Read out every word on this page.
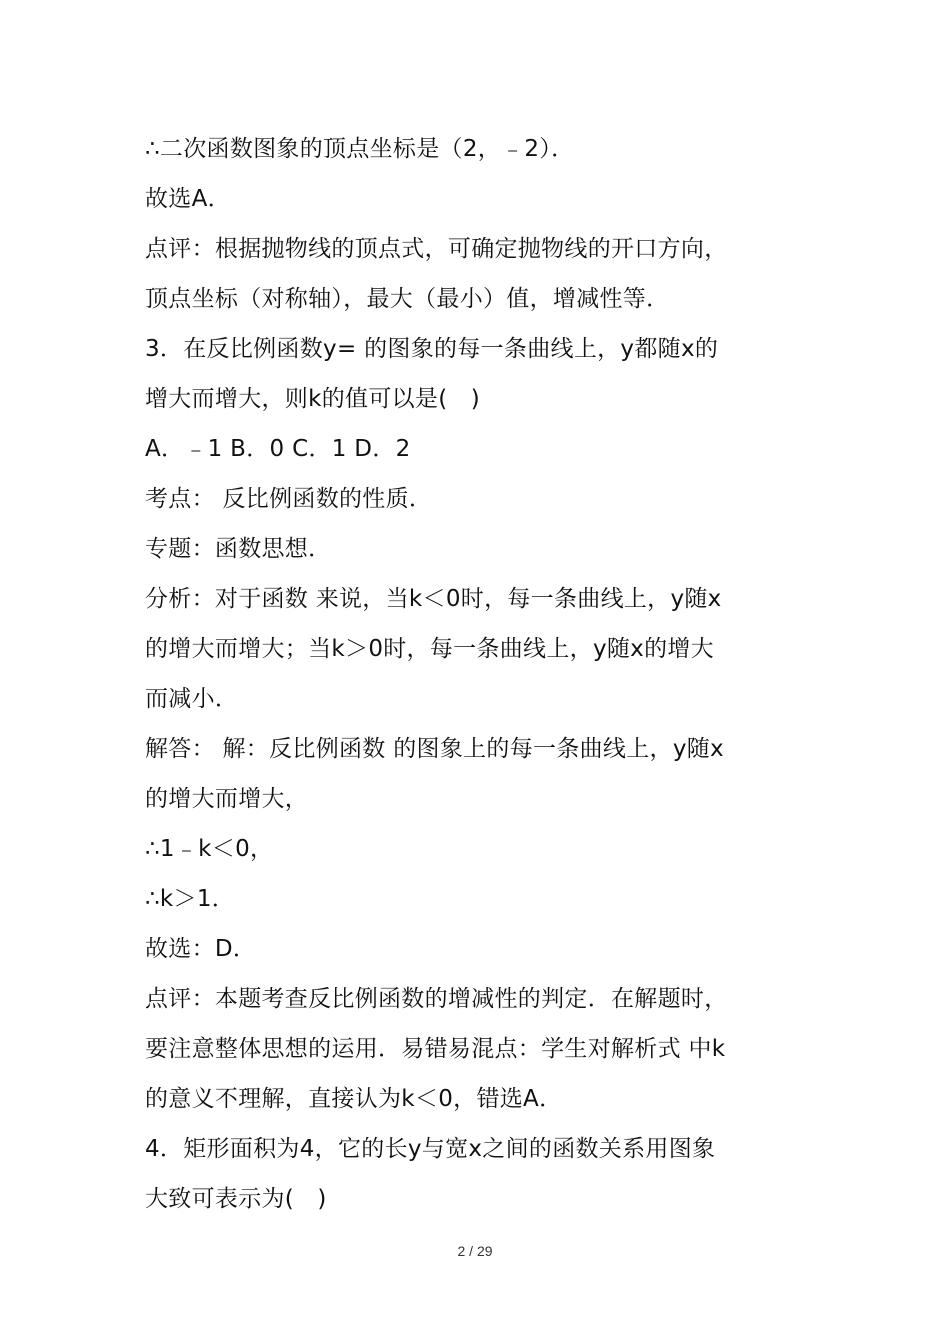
∴二次函数图象的顶点坐标是（2，﹣2）．
故选A．
点评：根据抛物线的顶点式，可确定抛物线的开口方向，
顶点坐标（对称轴），最大（最小）值，增减性等．
3．在反比例函数y= 的图象的每一条曲线上，y都随x的
增大而增大，则k的值可以是(　)
A．﹣1 B．0 C．1 D．2
考点： 反比例函数的性质．
专题：函数思想．
分析：对于函数 来说，当k＜0时，每一条曲线上，y随x
的增大而增大；当k＞0时，每一条曲线上，y随x的增大
而减小．
解答： 解：反比例函数 的图象上的每一条曲线上，y随x
的增大而增大，
∴1﹣k＜0，
∴k＞1．
故选：D．
点评：本题考查反比例函数的增减性的判定．在解题时，
要注意整体思想的运用．易错易混点：学生对解析式 中k
的意义不理解，直接认为k＜0，错选A．
4．矩形面积为4，它的长y与宽x之间的函数关系用图象
大致可表示为(　)
2 / 29
